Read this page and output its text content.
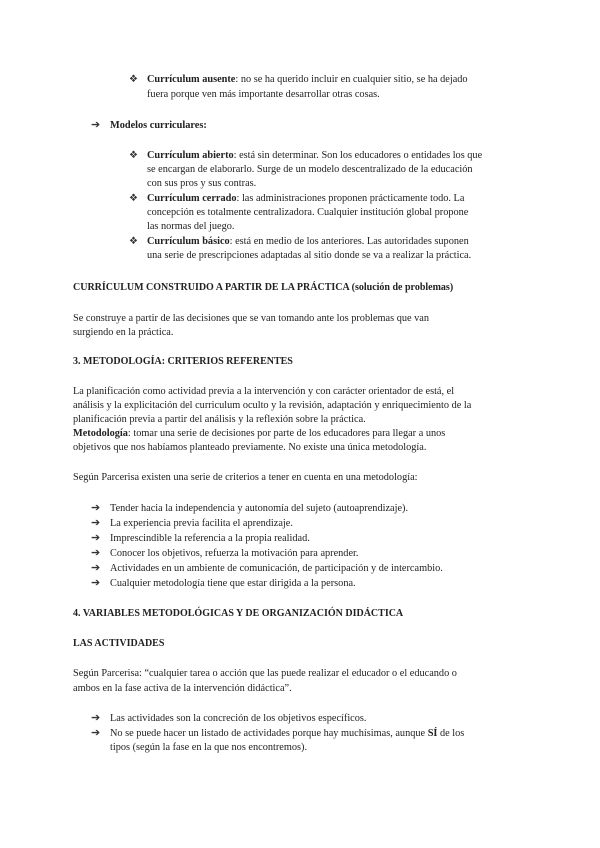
❖ Currículum ausente: no se ha querido incluir en cualquier sitio, se ha dejado
fuera porque ven más importante desarrollar otras cosas.
➔ Modelos curriculares:
❖ Currículum abierto: está sin determinar. Son los educadores o entidades los que
se encargan de elaborarlo. Surge de un modelo descentralizado de la educación
con sus pros y sus contras.
❖ Currículum cerrado: las administraciones proponen prácticamente todo. La
concepción es totalmente centralizadora. Cualquier institución global propone
las normas del juego.
❖ Currículum básico: está en medio de los anteriores. Las autoridades suponen
una serie de prescripciones adaptadas al sitio donde se va a realizar la práctica.
CURRÍCULUM CONSTRUIDO A PARTIR DE LA PRÁCTICA (solución de problemas)
Se construye a partir de las decisiones que se van tomando ante los problemas que van
surgiendo en la práctica.
3. METODOLOGÍA: CRITERIOS REFERENTES
La planificación como actividad previa a la intervención y con carácter orientador de está, el
análisis y la explicitación del curriculum oculto y la revisión, adaptación y enriquecimiento de la
planificación previa a partir del análisis y la reflexión sobre la práctica.
Metodología: tomar una serie de decisiones por parte de los educadores para llegar a unos
objetivos que nos habíamos planteado previamente. No existe una única metodología.
Según Parcerisa existen una serie de criterios a tener en cuenta en una metodología:
➔ Tender hacia la independencia y autonomía del sujeto (autoaprendizaje).
➔ La experiencia previa facilita el aprendizaje.
➔ Imprescindible la referencia a la propia realidad.
➔ Conocer los objetivos, refuerza la motivación para aprender.
➔ Actividades en un ambiente de comunicación, de participación y de intercambio.
➔ Cualquier metodología tiene que estar dirigida a la persona.
4. VARIABLES METODOLÓGICAS Y DE ORGANIZACIÓN DIDÁCTICA
LAS ACTIVIDADES
Según Parcerisa: “cualquier tarea o acción que las puede realizar el educador o el educando o
ambos en la fase activa de la intervención didáctica”.
➔ Las actividades son la concreción de los objetivos específicos.
➔ No se puede hacer un listado de actividades porque hay muchísimas, aunque SÍ de los
tipos (según la fase en la que nos encontremos).
